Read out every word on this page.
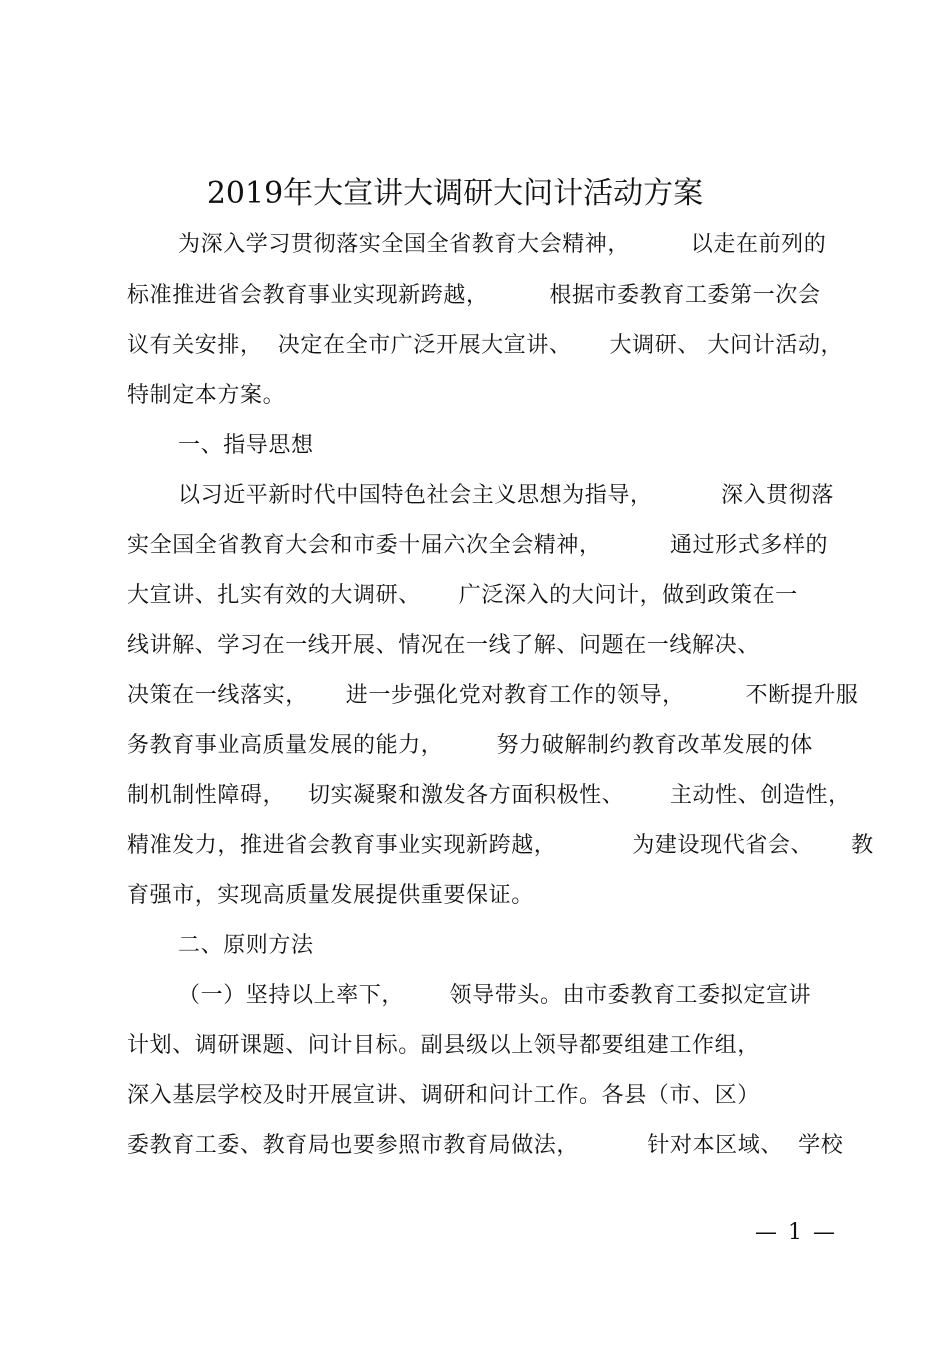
2019年大宣讲大调研大问计活动方案
为深入学习贯彻落实全国全省教育大会精神，        以走在前列的
标准推进省会教育事业实现新跨越，        根据市委教育工委第一次会
议有关安排，  决定在全市广泛开展大宣讲、     大调研、 大问计活动，
特制定本方案。
一、指导思想
以习近平新时代中国特色社会主义思想为指导，         深入贯彻落
实全国全省教育大会和市委十届六次全会精神，         通过形式多样的
大宣讲、扎实有效的大调研、     广泛深入的大问计，做到政策在一
线讲解、学习在一线开展、情况在一线了解、问题在一线解决、
决策在一线落实，     进一步强化党对教育工作的领导，        不断提升服
务教育事业高质量发展的能力，       努力破解制约教育改革发展的体
制机制性障碍，   切实凝聚和激发各方面积极性、      主动性、创造性，
精准发力，推进省会教育事业实现新跨越，          为建设现代省会、     教
育强市，实现高质量发展提供重要保证。
二、原则方法
（一）坚持以上率下，      领导带头。由市委教育工委拟定宣讲
计划、调研课题、问计目标。副县级以上领导都要组建工作组，
深入基层学校及时开展宣讲、调研和问计工作。各县（市、区）
委教育工委、教育局也要参照市教育局做法，         针对本区域、  学校
— 1 —
